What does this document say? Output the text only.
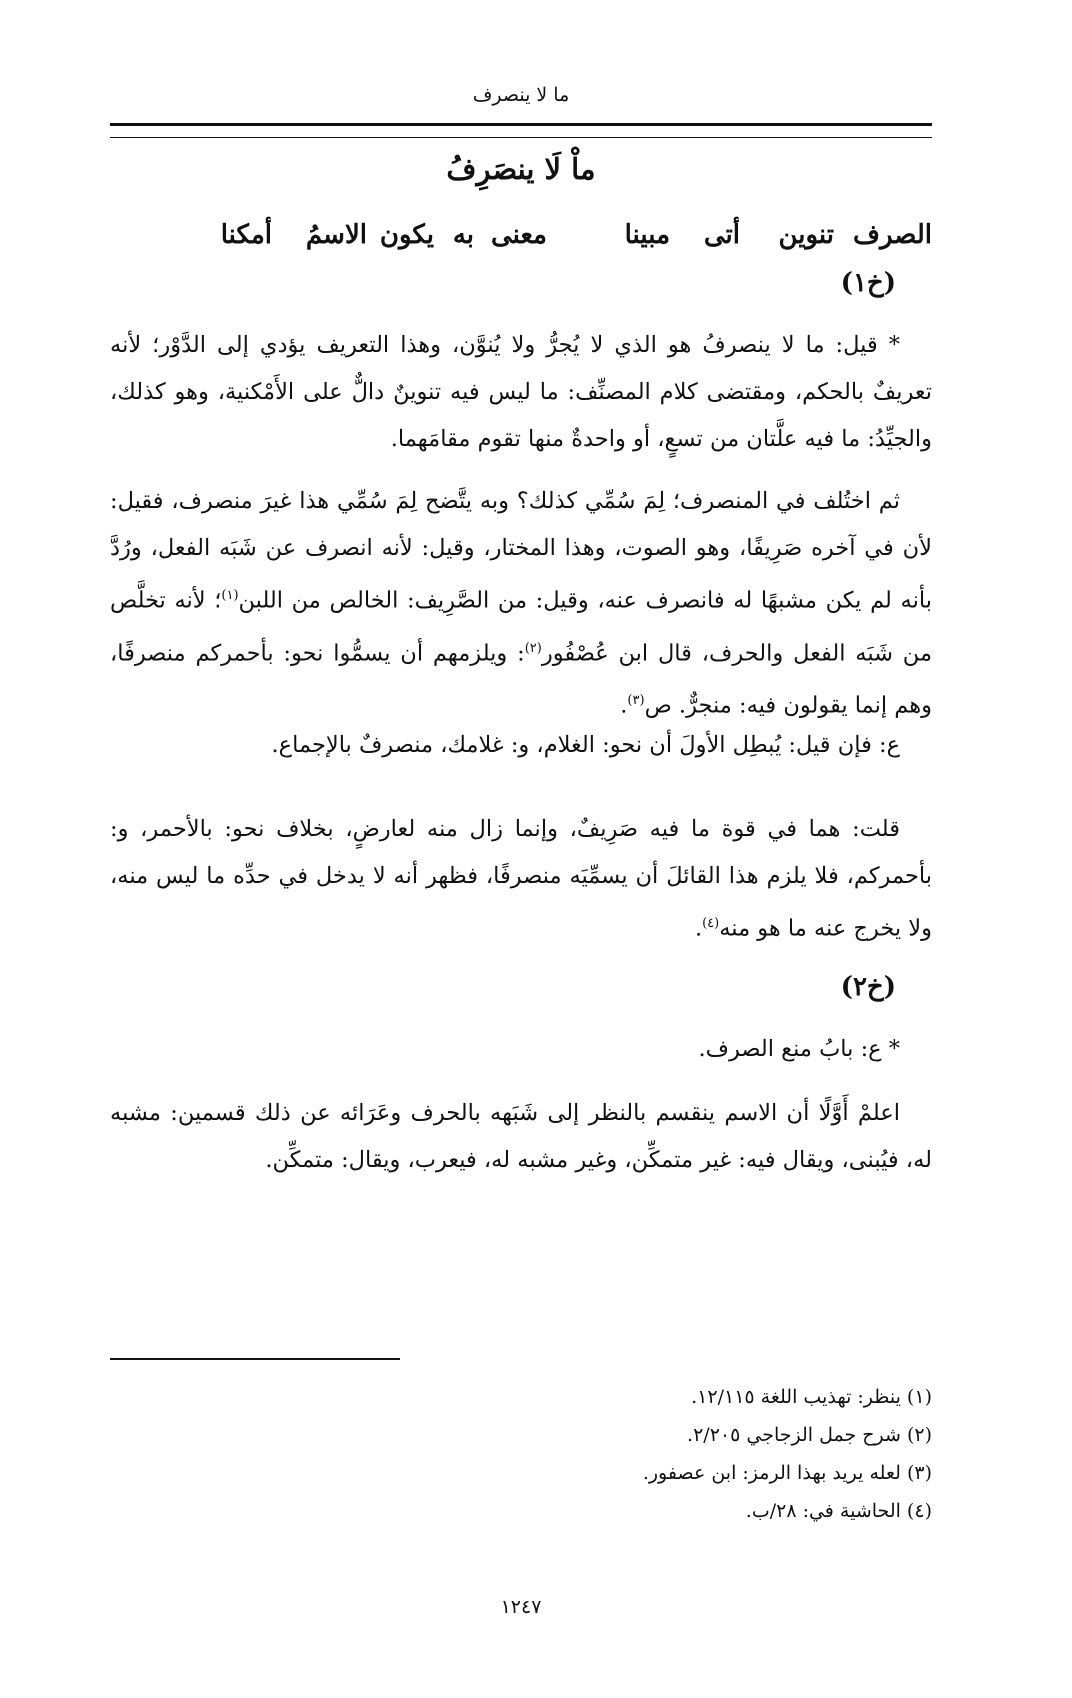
ما لا ينصرف
ماْ لَا ينصَرِفُ
الصرف
تنوين
أتى
مبينا
معنى
به
يكون
الاسمُ
أمكنا
(خ١)

* قيل: ما لا ينصرفُ هو الذي لا يُجرُّ ولا يُنوَّن، وهذا التعريف يؤدي إلى الدَّوْر؛ لأنه تعريفٌ بالحكم، ومقتضى كلام المصنِّف: ما ليس فيه تنوينٌ دالٌّ على الأَمْكنية، وهو كذلك، والجيِّدُ: ما فيه علَّتان من تسعٍ، أو واحدةٌ منها تقوم مقامَهما.

ثم اختُلف في المنصرف؛ لِمَ سُمِّي كذلك؟ وبه يتَّضح لِمَ سُمِّي هذا غيرَ منصرف، فقيل: لأن في آخره صَرِيفًا، وهو الصوت، وهذا المختار، وقيل: لأنه انصرف عن شَبَه الفعل، ورُدَّ بأنه لم يكن مشبهًا له فانصرف عنه، وقيل: من الصَّرِيف: الخالص من اللبن$^{(١)}$؛ لأنه تخلَّص من شَبَه الفعل والحرف، قال ابن عُصْفُور$^{(٢)}$: ويلزمهم أن يسمُّوا نحو: بأحمركم منصرفًا، وهم إنما يقولون فيه: منجرٌّ. ص$^{(٣)}$.

ع: فإن قيل: يُبطِل الأولَ أن نحو: الغلام، و: غلامك، منصرفٌ بالإجماع.

قلت: هما في قوة ما فيه صَرِيفٌ، وإنما زال منه لعارضٍ، بخلاف نحو: بالأحمر، و: بأحمركم، فلا يلزم هذا القائلَ أن يسمِّيَه منصرفًا، فظهر أنه لا يدخل في حدِّه ما ليس منه، ولا يخرج عنه ما هو منه$^{(٤)}$.

(خ٢)

* ع: بابُ منع الصرف.

اعلمْ أَوَّلًا أن الاسم ينقسم بالنظر إلى شَبَهه بالحرف وعَرَائه عن ذلك قسمين: مشبه له، فيُبنى، ويقال فيه: غير متمكِّن، وغير مشبه له، فيعرب، ويقال: متمكِّن.

(١) ينظر: تهذيب اللغة ١٢/١١٥.

(٢) شرح جمل الزجاجي ٢/٢٠٥.

(٣) لعله يريد بهذا الرمز: ابن عصفور.

(٤) الحاشية في: ٢٨/ب.

١٢٤٧
